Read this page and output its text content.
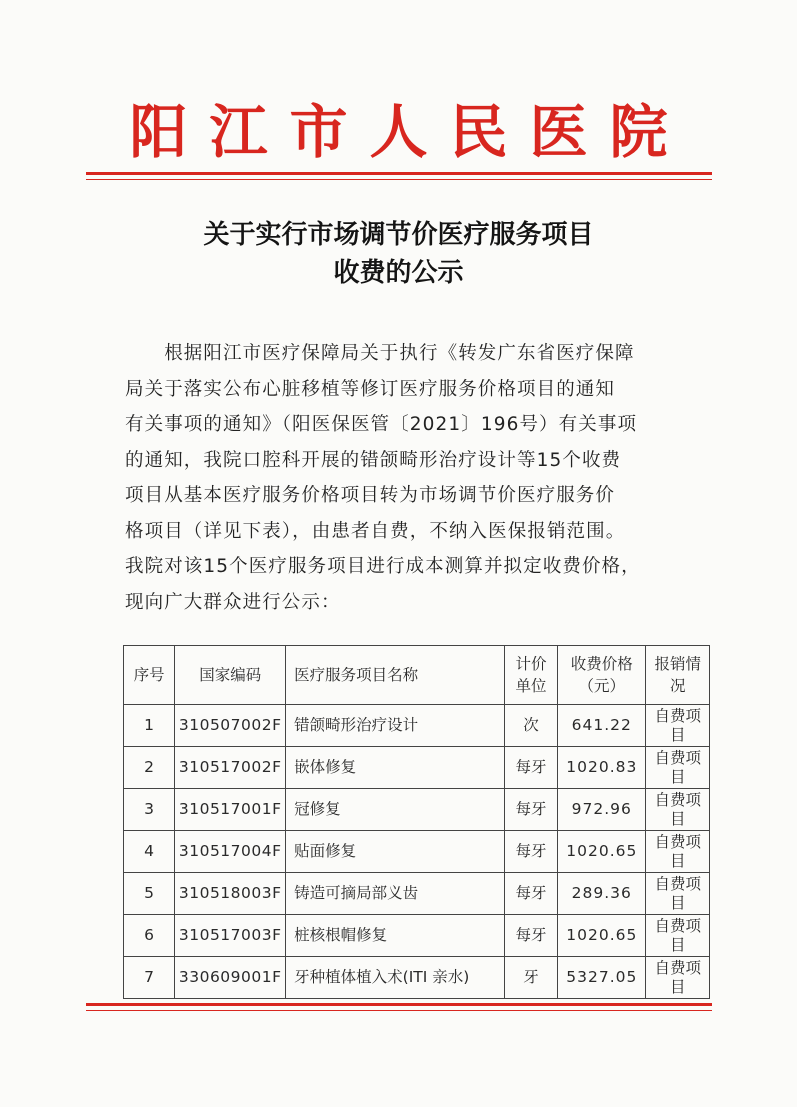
阳江市人民医院
关于实行市场调节价医疗服务项目
收费的公示

　　根据阳江市医疗保障局关于执行《转发广东省医疗保障

局关于落实公布心脏移植等修订医疗服务价格项目的通知

有关事项的通知》（阳医保医管〔2021〕196号）有关事项

的通知，我院口腔科开展的错颌畸形治疗设计等15个收费

项目从基本医疗服务价格项目转为市场调节价医疗服务价

格项目（详见下表），由患者自费，不纳入医保报销范围。

我院对该15个医疗服务项目进行成本测算并拟定收费价格，

现向广大群众进行公示：

序号	国家编码	医疗服务项目名称	计价单位	收费价格（元）	报销情况
1	310507002F	错颌畸形治疗设计	次	641.22	自费项目
2	310517002F	嵌体修复	每牙	1020.83	自费项目
3	310517001F	冠修复	每牙	972.96	自费项目
4	310517004F	贴面修复	每牙	1020.65	自费项目
5	310518003F	铸造可摘局部义齿	每牙	289.36	自费项目
6	310517003F	桩核根帽修复	每牙	1020.65	自费项目
7	330609001F	牙种植体植入术(ITI 亲水)	牙	5327.05	自费项目
